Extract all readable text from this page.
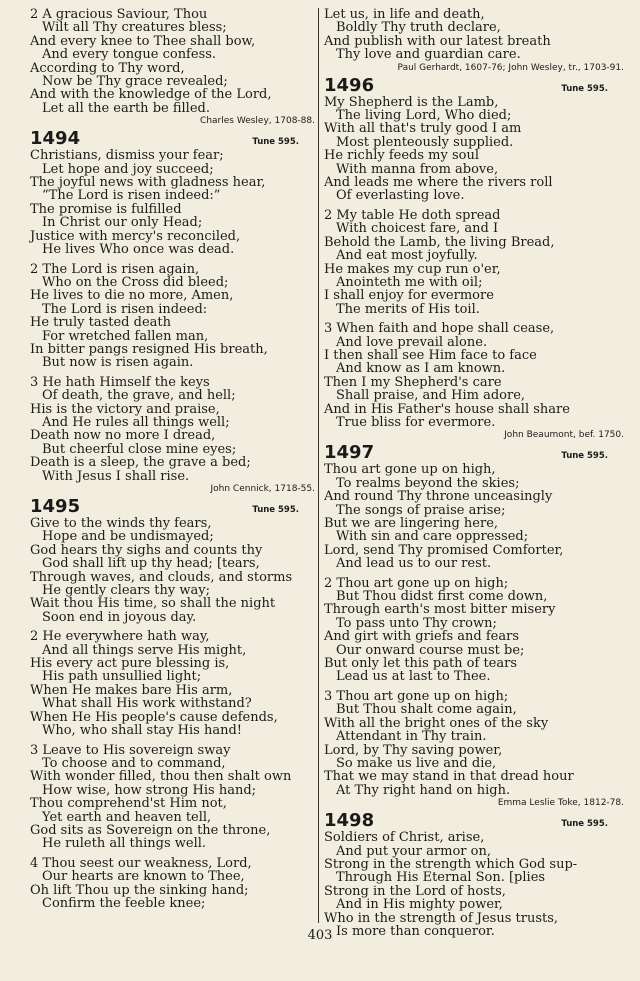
2 A gracious Saviour, Thou
Wilt all Thy creatures bless;
And every knee to Thee shall bow,
And every tongue confess.
According to Thy word,
Now be Thy grace revealed;
And with the knowledge of the Lord,
Let all the earth be filled.
Charles Wesley, 1708-88.
1494	Tune 595.
Christians, dismiss your fear;
Let hope and joy succeed;
The joyful news with gladness hear,
“The Lord is risen indeed:”
The promise is fulfilled
In Christ our only Head;
Justice with mercy's reconciled,
He lives Who once was dead.
2 The Lord is risen again,
Who on the Cross did bleed;
He lives to die no more, Amen,
The Lord is risen indeed:
He truly tasted death
For wretched fallen man,
In bitter pangs resigned His breath,
But now is risen again.
3 He hath Himself the keys
Of death, the grave, and hell;
His is the victory and praise,
And He rules all things well;
Death now no more I dread,
But cheerful close mine eyes;
Death is a sleep, the grave a bed;
With Jesus I shall rise.
John Cennick, 1718-55.
1495	Tune 595.
Give to the winds thy fears,
Hope and be undismayed;
God hears thy sighs and counts thy
God shall lift up thy head; [tears,
Through waves, and clouds, and storms
He gently clears thy way;
Wait thou His time, so shall the night
Soon end in joyous day.
2 He everywhere hath way,
And all things serve His might,
His every act pure blessing is,
His path unsullied light;
When He makes bare His arm,
What shall His work withstand?
When He His people's cause defends,
Who, who shall stay His hand!
3 Leave to His sovereign sway
To choose and to command,
With wonder filled, thou then shalt own
How wise, how strong His hand;
Thou comprehend'st Him not,
Yet earth and heaven tell,
God sits as Sovereign on the throne,
He ruleth all things well.
4 Thou seest our weakness, Lord,
Our hearts are known to Thee,
Oh lift Thou up the sinking hand;
Confirm the feeble knee;
Let us, in life and death,
Boldly Thy truth declare,
And publish with our latest breath
Thy love and guardian care.
Paul Gerhardt, 1607-76; John Wesley, tr., 1703-91.
1496	Tune 595.
My Shepherd is the Lamb,
The living Lord, Who died;
With all that's truly good I am
Most plenteously supplied.
He richly feeds my soul
With manna from above,
And leads me where the rivers roll
Of everlasting love.
2 My table He doth spread
With choicest fare, and I
Behold the Lamb, the living Bread,
And eat most joyfully.
He makes my cup run o'er,
Anointeth me with oil;
I shall enjoy for evermore
The merits of His toil.
3 When faith and hope shall cease,
And love prevail alone.
I then shall see Him face to face
And know as I am known.
Then I my Shepherd's care
Shall praise, and Him adore,
And in His Father's house shall share
True bliss for evermore.
John Beaumont, bef. 1750.
1497	Tune 595.
Thou art gone up on high,
To realms beyond the skies;
And round Thy throne unceasingly
The songs of praise arise;
But we are lingering here,
With sin and care oppressed;
Lord, send Thy promised Comforter,
And lead us to our rest.
2 Thou art gone up on high;
But Thou didst first come down,
Through earth's most bitter misery
To pass unto Thy crown;
And girt with griefs and fears
Our onward course must be;
But only let this path of tears
Lead us at last to Thee.
3 Thou art gone up on high;
But Thou shalt come again,
With all the bright ones of the sky
Attendant in Thy train.
Lord, by Thy saving power,
So make us live and die,
That we may stand in that dread hour
At Thy right hand on high.
Emma Leslie Toke, 1812-78.
1498	Tune 595.
Soldiers of Christ, arise,
And put your armor on,
Strong in the strength which God sup-
Through His Eternal Son. [plies
Strong in the Lord of hosts,
And in His mighty power,
Who in the strength of Jesus trusts,
Is more than conqueror.
403
